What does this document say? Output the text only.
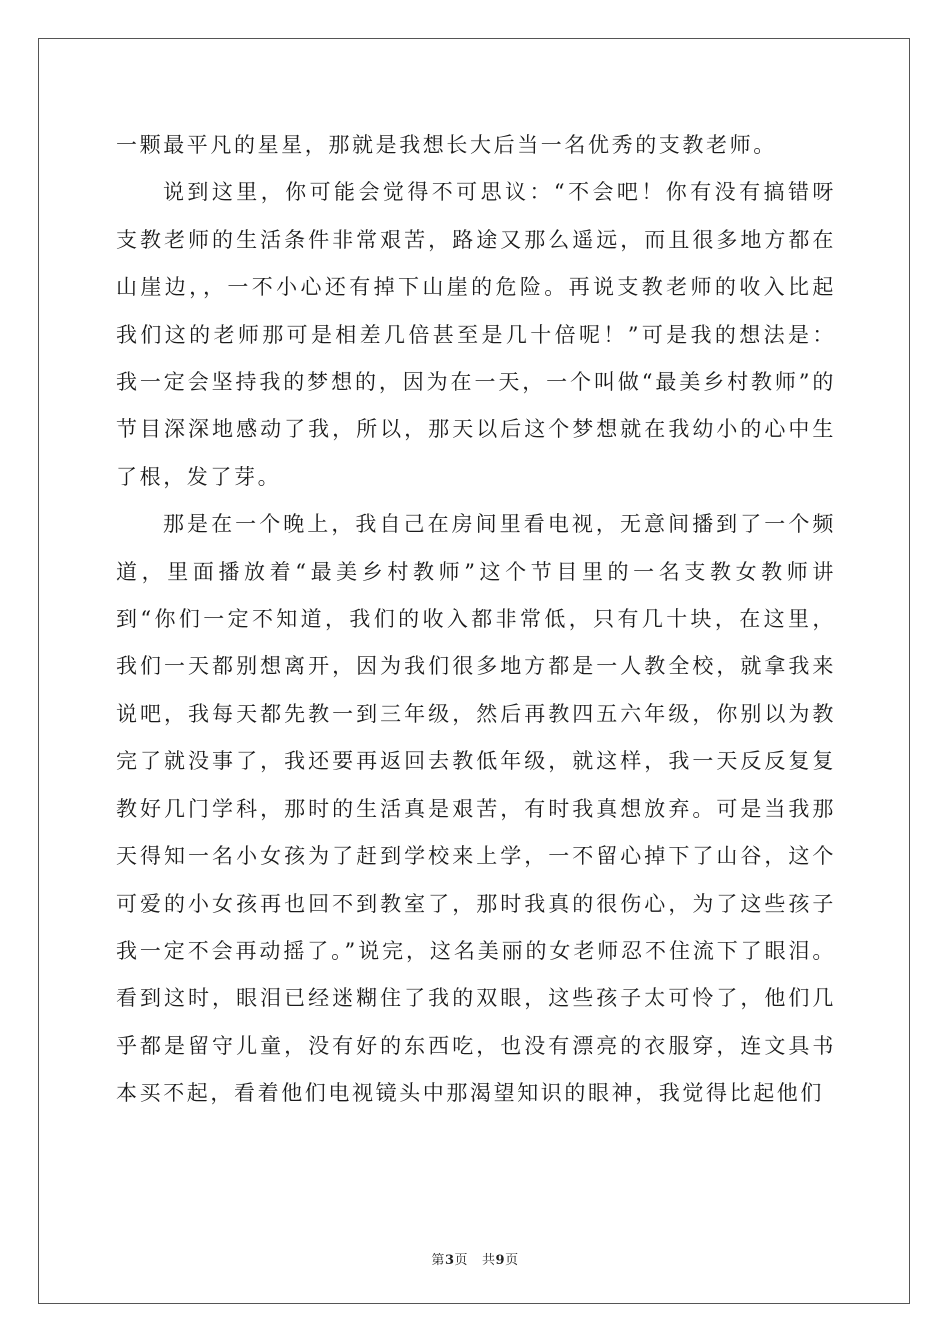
一颗最平凡的星星，那就是我想长大后当一名优秀的支教老师。

说到这里，你可能会觉得不可思议：“不会吧！你有没有搞错呀支教老师的生活条件非常艰苦，路途又那么遥远，而且很多地方都在山崖边，，一不小心还有掉下山崖的危险。再说支教老师的收入比起我们这的老师那可是相差几倍甚至是几十倍呢！”可是我的想法是：我一定会坚持我的梦想的，因为在一天，一个叫做“最美乡村教师”的节目深深地感动了我，所以，那天以后这个梦想就在我幼小的心中生了根，发了芽。

那是在一个晚上，我自己在房间里看电视，无意间播到了一个频道，里面播放着“最美乡村教师”这个节目里的一名支教女教师讲到“你们一定不知道，我们的收入都非常低，只有几十块，在这里，我们一天都别想离开，因为我们很多地方都是一人教全校，就拿我来说吧，我每天都先教一到三年级，然后再教四五六年级，你别以为教完了就没事了，我还要再返回去教低年级，就这样，我一天反反复复教好几门学科，那时的生活真是艰苦，有时我真想放弃。可是当我那天得知一名小女孩为了赶到学校来上学，一不留心掉下了山谷，这个可爱的小女孩再也回不到教室了，那时我真的很伤心，为了这些孩子我一定不会再动摇了。”说完，这名美丽的女老师忍不住流下了眼泪。看到这时，眼泪已经迷糊住了我的双眼，这些孩子太可怜了，他们几乎都是留守儿童，没有好的东西吃，也没有漂亮的衣服穿，连文具书本买不起，看着他们电视镜头中那渴望知识的眼神，我觉得比起他们

第3页 共9页
